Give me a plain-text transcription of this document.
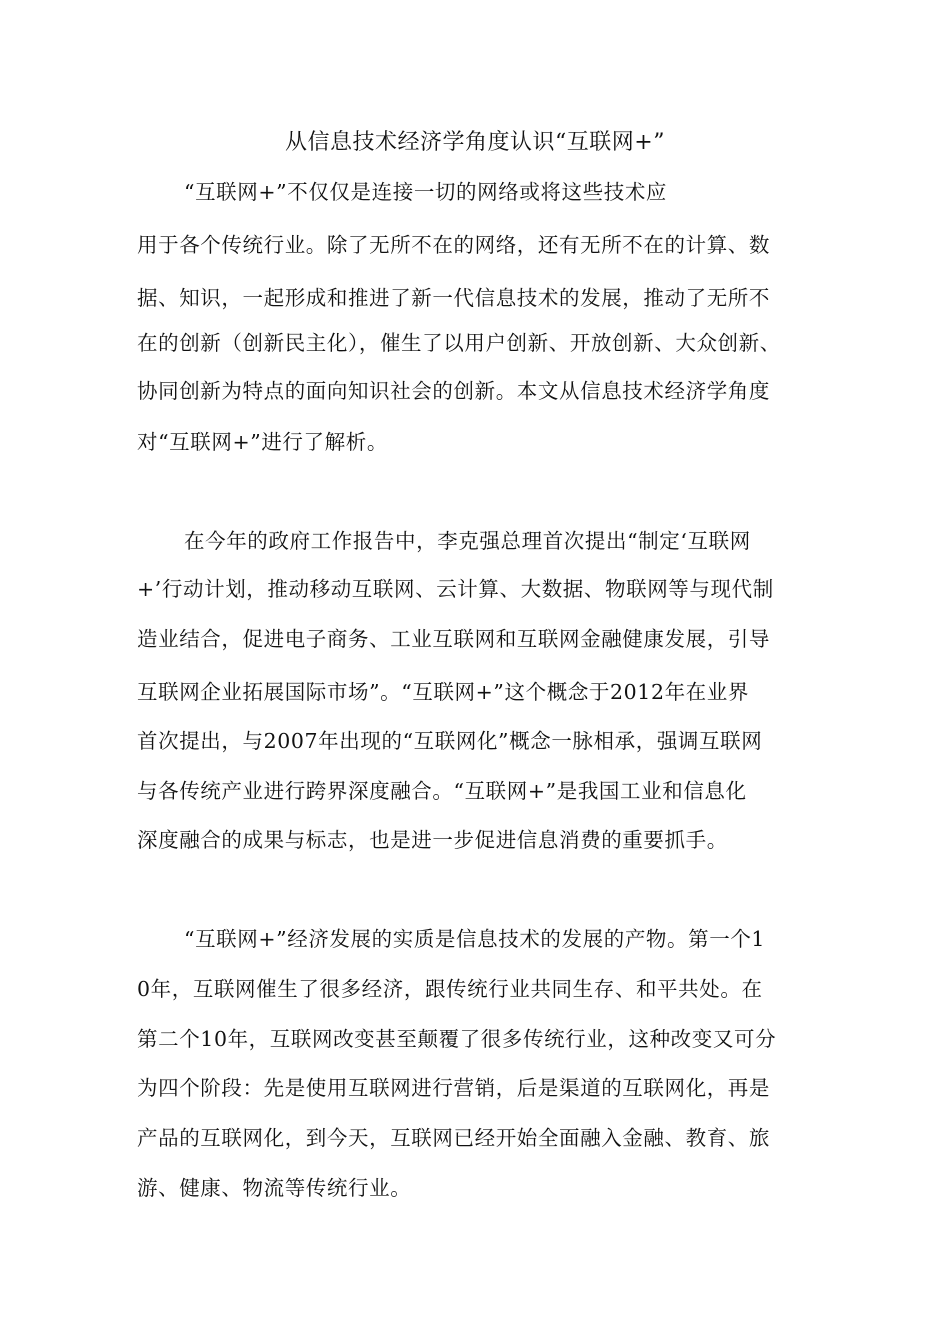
从信息技术经济学角度认识“互联网+”
“互联网+”不仅仅是连接一切的网络或将这些技术应
用于各个传统行业。除了无所不在的网络，还有无所不在的计算、数
据、知识，一起形成和推进了新一代信息技术的发展，推动了无所不
在的创新（创新民主化），催生了以用户创新、开放创新、大众创新、
协同创新为特点的面向知识社会的创新。本文从信息技术经济学角度
对“互联网+”进行了解析。
在今年的政府工作报告中，李克强总理首次提出“制定‘互联网
+’行动计划，推动移动互联网、云计算、大数据、物联网等与现代制
造业结合，促进电子商务、工业互联网和互联网金融健康发展，引导
互联网企业拓展国际市场”。“互联网+”这个概念于2012年在业界
首次提出，与2007年出现的“互联网化”概念一脉相承，强调互联网
与各传统产业进行跨界深度融合。“互联网+”是我国工业和信息化
深度融合的成果与标志，也是进一步促进信息消费的重要抓手。
“互联网+”经济发展的实质是信息技术的发展的产物。第一个1
0年，互联网催生了很多经济，跟传统行业共同生存、和平共处。在
第二个10年，互联网改变甚至颠覆了很多传统行业，这种改变又可分
为四个阶段：先是使用互联网进行营销，后是渠道的互联网化，再是
产品的互联网化，到今天，互联网已经开始全面融入金融、教育、旅
游、健康、物流等传统行业。
